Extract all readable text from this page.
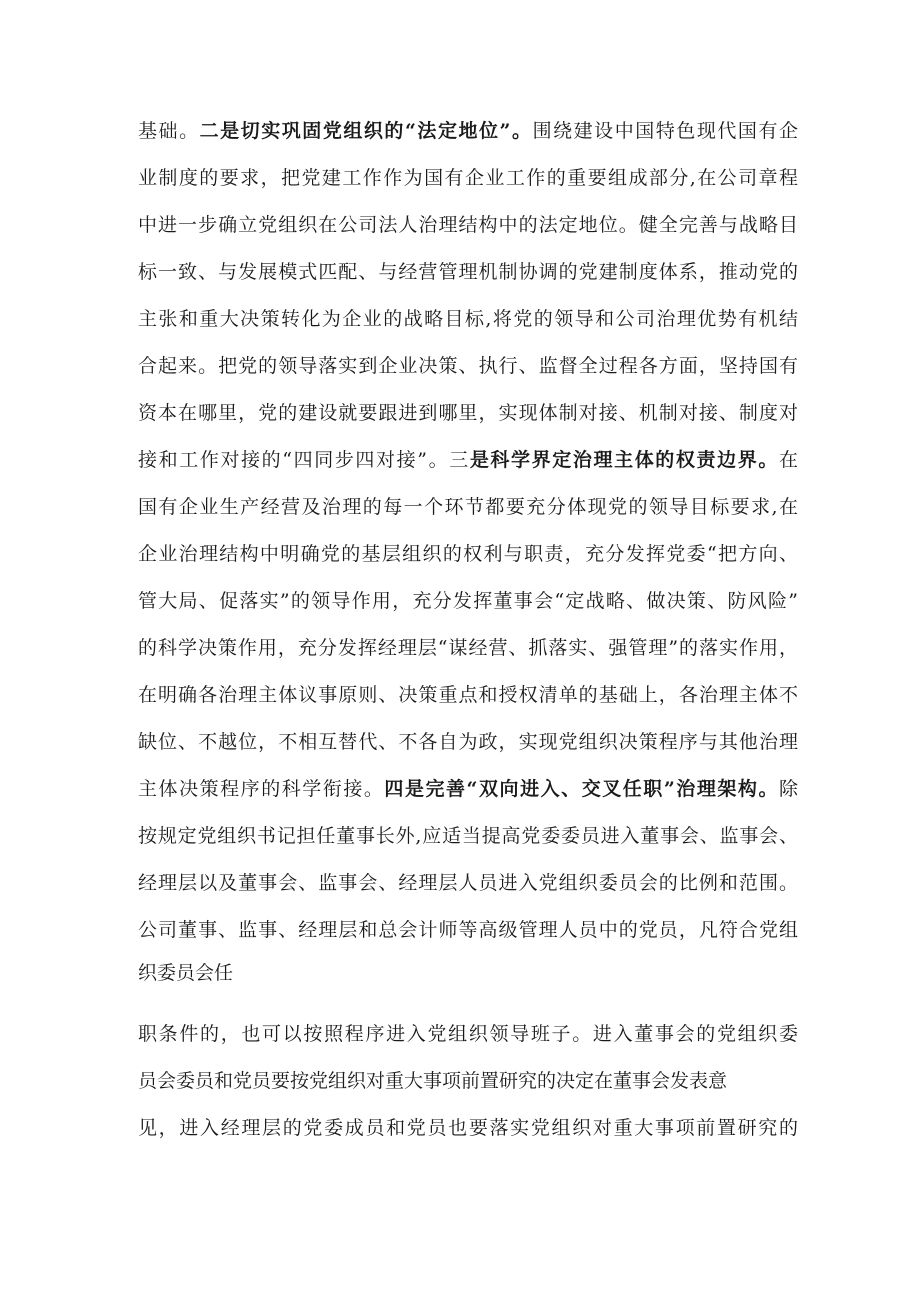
基础。二是切实巩固党组织的“法定地位”。围绕建设中国特色现代国有企
业制度的要求，把党建工作作为国有企业工作的重要组成部分,在公司章程
中进一步确立党组织在公司法人治理结构中的法定地位。健全完善与战略目
标一致、与发展模式匹配、与经营管理机制协调的党建制度体系，推动党的
主张和重大决策转化为企业的战略目标,将党的领导和公司治理优势有机结
合起来。把党的领导落实到企业决策、执行、监督全过程各方面，坚持国有
资本在哪里，党的建设就要跟进到哪里，实现体制对接、机制对接、制度对
接和工作对接的“四同步四对接”。三是科学界定治理主体的权责边界。在
国有企业生产经营及治理的每一个环节都要充分体现党的领导目标要求,在
企业治理结构中明确党的基层组织的权利与职责，充分发挥党委“把方向、
管大局、促落实”的领导作用，充分发挥董事会“定战略、做决策、防风险”
的科学决策作用，充分发挥经理层“谋经营、抓落实、强管理”的落实作用，
在明确各治理主体议事原则、决策重点和授权清单的基础上，各治理主体不
缺位、不越位，不相互替代、不各自为政，实现党组织决策程序与其他治理
主体决策程序的科学衔接。四是完善“双向进入、交叉任职”治理架构。除
按规定党组织书记担任董事长外,应适当提高党委委员进入董事会、监事会、
经理层以及董事会、监事会、经理层人员进入党组织委员会的比例和范围。
公司董事、监事、经理层和总会计师等高级管理人员中的党员，凡符合党组
织委员会任
职条件的，也可以按照程序进入党组织领导班子。进入董事会的党组织委
员会委员和党员要按党组织对重大事项前置研究的决定在董事会发表意
见，进入经理层的党委成员和党员也要落实党组织对重大事项前置研究的
